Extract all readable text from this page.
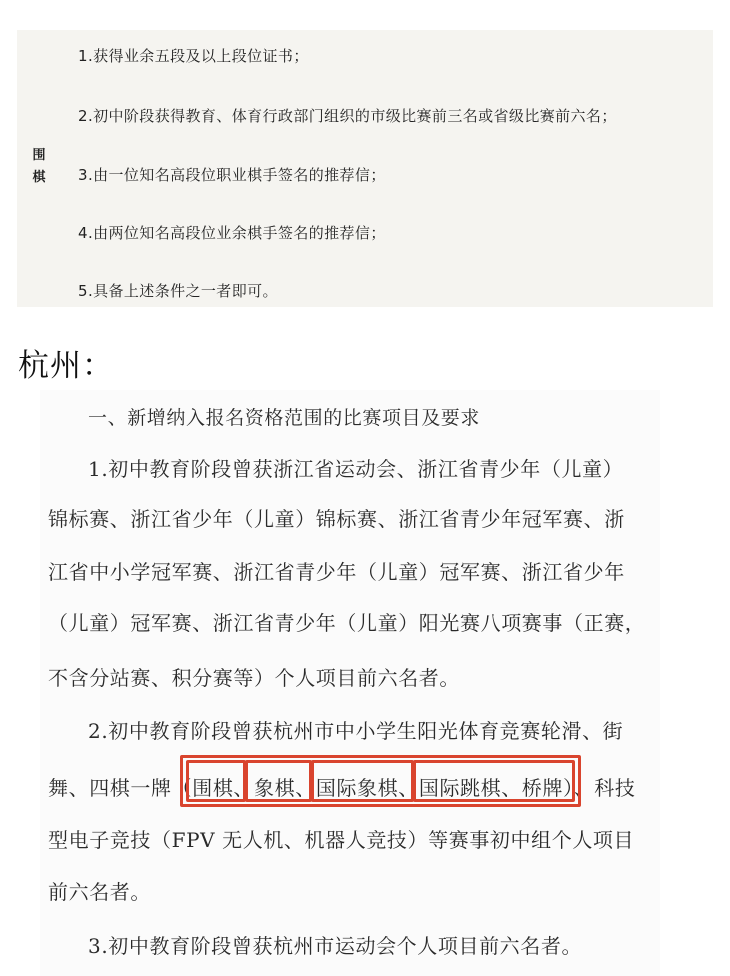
围棋
1.获得业余五段及以上段位证书；
2.初中阶段获得教育、体育行政部门组织的市级比赛前三名或省级比赛前六名；
3.由一位知名高段位职业棋手签名的推荐信；
4.由两位知名高段位业余棋手签名的推荐信；
5.具备上述条件之一者即可。
杭州：
一、新增纳入报名资格范围的比赛项目及要求
1.初中教育阶段曾获浙江省运动会、浙江省青少年（儿童）
锦标赛、浙江省少年（儿童）锦标赛、浙江省青少年冠军赛、浙
江省中小学冠军赛、浙江省青少年（儿童）冠军赛、浙江省少年
（儿童）冠军赛、浙江省青少年（儿童）阳光赛八项赛事（正赛，
不含分站赛、积分赛等）个人项目前六名者。
2.初中教育阶段曾获杭州市中小学生阳光体育竞赛轮滑、街
舞、四棋一牌（围棋、象棋、国际象棋、国际跳棋、桥牌）、科技
型电子竞技（FPV 无人机、机器人竞技）等赛事初中组个人项目
前六名者。
3.初中教育阶段曾获杭州市运动会个人项目前六名者。
